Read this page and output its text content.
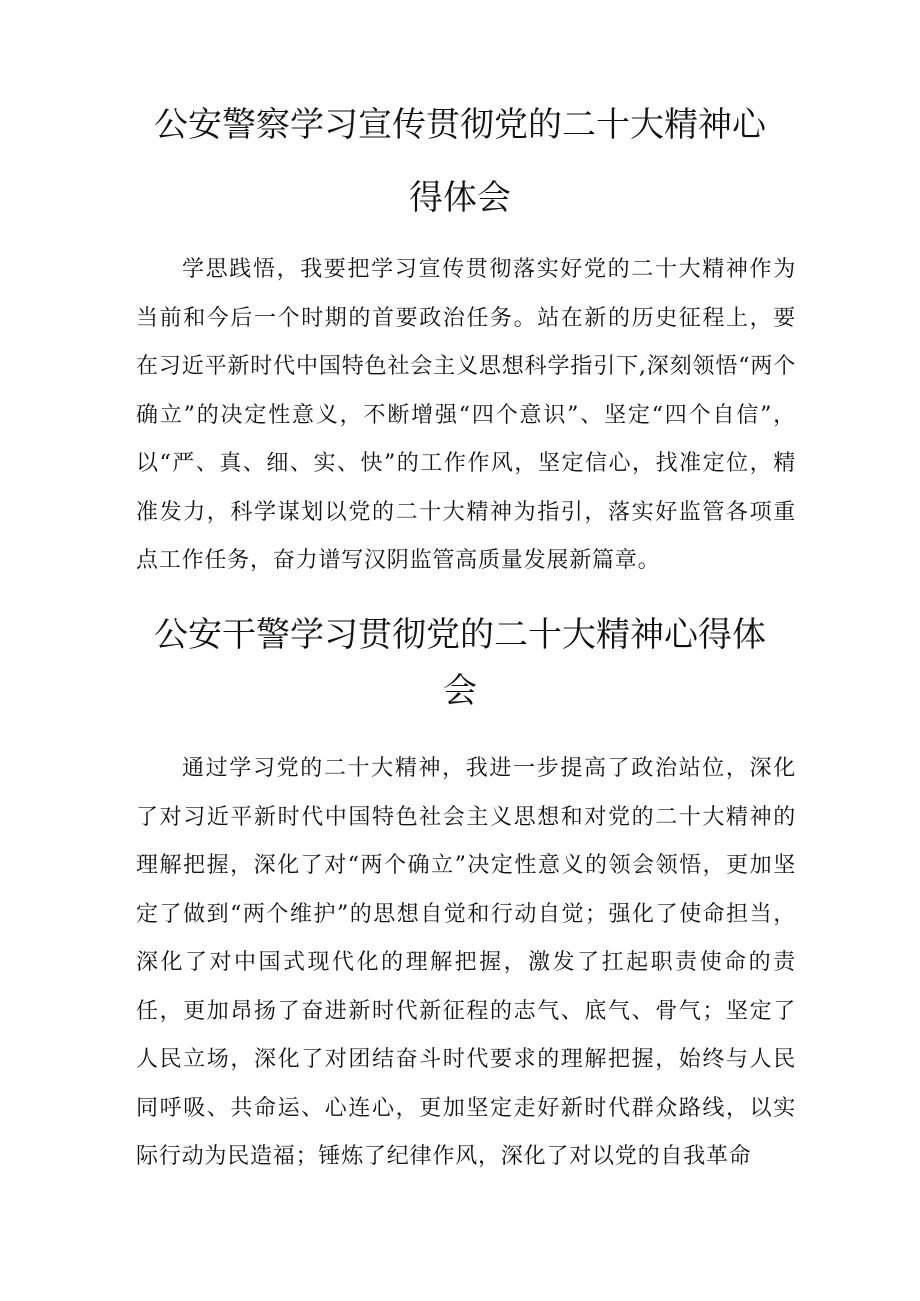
公安警察学习宣传贯彻党的二十大精神心
得体会

学思践悟，我要把学习宣传贯彻落实好党的二十大精神作为当前和今后一个时期的首要政治任务。站在新的历史征程上，要在习近平新时代中国特色社会主义思想科学指引下,深刻领悟“两个确立”的决定性意义，不断增强“四个意识”、坚定“四个自信”，以“严、真、细、实、快”的工作作风，坚定信心，找准定位，精准发力，科学谋划以党的二十大精神为指引，落实好监管各项重点工作任务，奋力谱写汉阴监管高质量发展新篇章。

公安干警学习贯彻党的二十大精神心得体
会

通过学习党的二十大精神，我进一步提高了政治站位，深化了对习近平新时代中国特色社会主义思想和对党的二十大精神的理解把握，深化了对“两个确立”决定性意义的领会领悟，更加坚定了做到“两个维护”的思想自觉和行动自觉；强化了使命担当，深化了对中国式现代化的理解把握，激发了扛起职责使命的责任，更加昂扬了奋进新时代新征程的志气、底气、骨气；坚定了人民立场，深化了对团结奋斗时代要求的理解把握，始终与人民同呼吸、共命运、心连心，更加坚定走好新时代群众路线，以实际行动为民造福；锤炼了纪律作风，深化了对以党的自我革命
